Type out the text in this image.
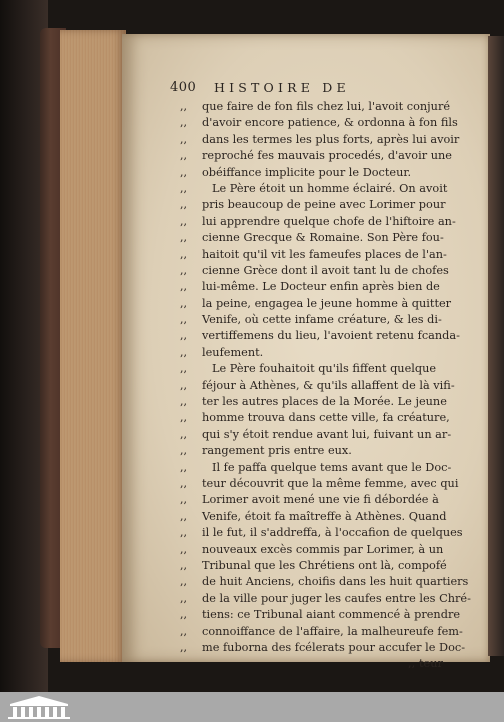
400 HISTOIRE DE
,,	que faire de fon fils chez lui, l'avoit conjuré
,,	d'avoir encore patience, & ordonna à fon fils
,,	dans les termes les plus forts, après lui avoir
,,	reproché fes mauvais procedés, d'avoir une
,,	obéiffance implicite pour le Docteur.
,,	Le Père étoit un homme éclairé. On avoit
,,	pris beaucoup de peine avec Lorimer pour
,,	lui apprendre quelque chofe de l'hiftoire an-
,,	cienne Grecque & Romaine. Son Père fou-
,,	haitoit qu'il vit les fameufes places de l'an-
,,	cienne Grèce dont il avoit tant lu de chofes
,,	lui-même. Le Docteur enfin après bien de
,,	la peine, engagea le jeune homme à quitter
,,	Venife, où cette infame créature, & les di-
,,	vertiffemens du lieu, l'avoient retenu fcanda-
,,	leufement.
,,	Le Père fouhaitoit qu'ils fiffent quelque
,,	féjour à Athènes, & qu'ils allaffent de là vifi-
,,	ter les autres places de la Morée. Le jeune
,,	homme trouva dans cette ville, fa créature,
,,	qui s'y étoit rendue avant lui, fuivant un ar-
,,	rangement pris entre eux.
,,	Il fe paffa quelque tems avant que le Doc-
,,	teur découvrit que la même femme, avec qui
,,	Lorimer avoit mené une vie fi débordée à
,,	Venife, étoit fa maîtreffe à Athènes. Quand
,,	il le fut, il s'addreffa, à l'occafion de quelques
,,	nouveaux excès commis par Lorimer, à un
,,	Tribunal que les Chrétiens ont là, compofé
,,	de huit Anciens, choifis dans les huit quartiers
,,	de la ville pour juger les caufes entre les Chré-
,,	tiens: ce Tribunal aiant commencé à prendre
,,	connoiffance de l'affaire, la malheureufe fem-
,,	me fuborna des fcélerats pour accufer le Doc-
,, teur
